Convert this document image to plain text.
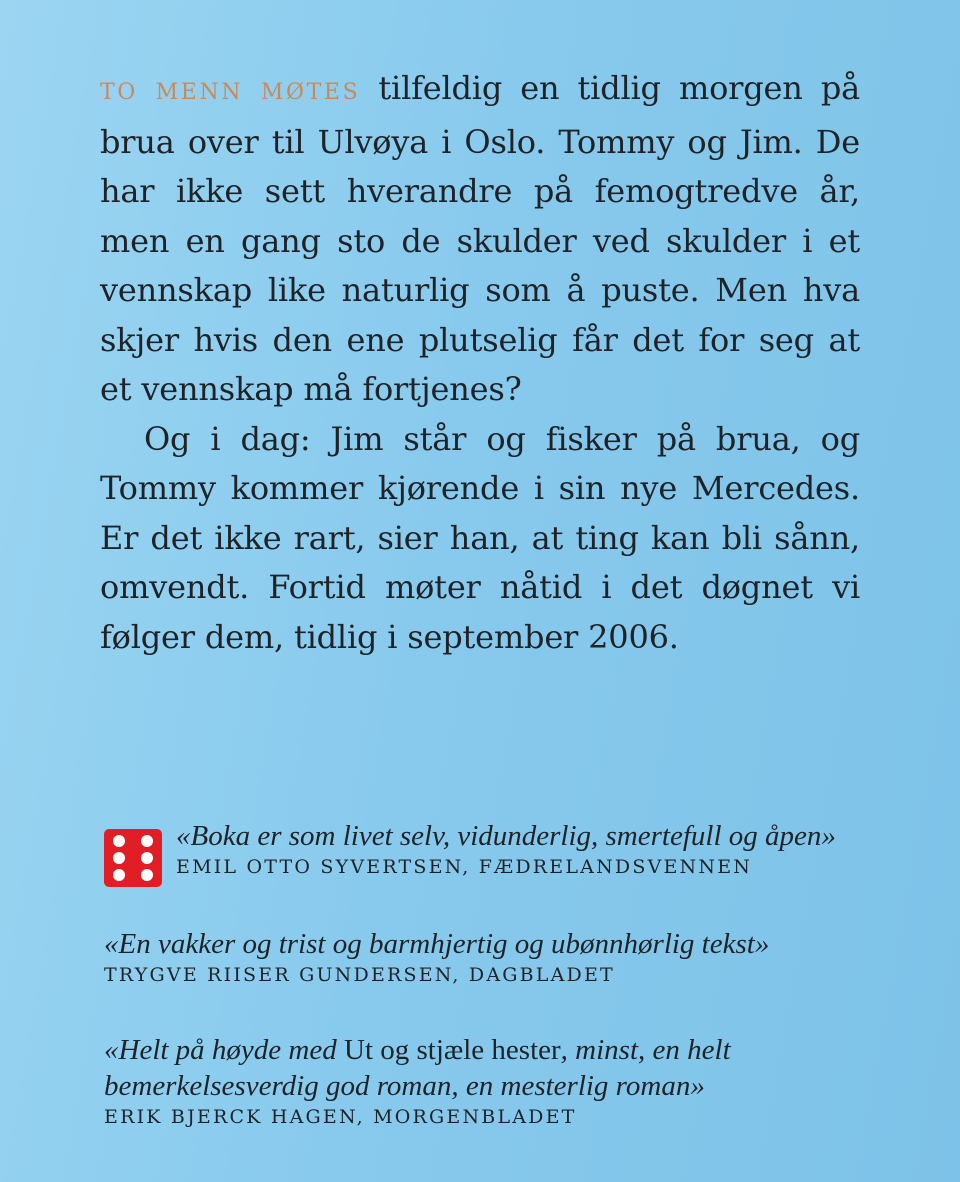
TO MENN MØTES tilfeldig en tidlig morgen på brua over til Ulvøya i Oslo. Tommy og Jim. De har ikke sett hverandre på femogtredve år, men en gang sto de skulder ved skulder i et vennskap like naturlig som å puste. Men hva skjer hvis den ene plutselig får det for seg at et vennskap må fortjenes?

Og i dag: Jim står og fisker på brua, og Tommy kommer kjørende i sin nye Mercedes. Er det ikke rart, sier han, at ting kan bli sånn, omvendt. Fortid møter nåtid i det døgnet vi følger dem, tidlig i september 2006.

«Boka er som livet selv, vidunderlig, smertefull og åpen»
EMIL OTTO SYVERTSEN, FÆDRELANDSVENNEN
«En vakker og trist og barmhjertig og ubønnhørlig tekst»
TRYGVE RIISER GUNDERSEN, DAGBLADET
«Helt på høyde med Ut og stjæle hester, minst, en helt bemerkelsesverdig god roman, en mesterlig roman»
ERIK BJERCK HAGEN, MORGENBLADET
